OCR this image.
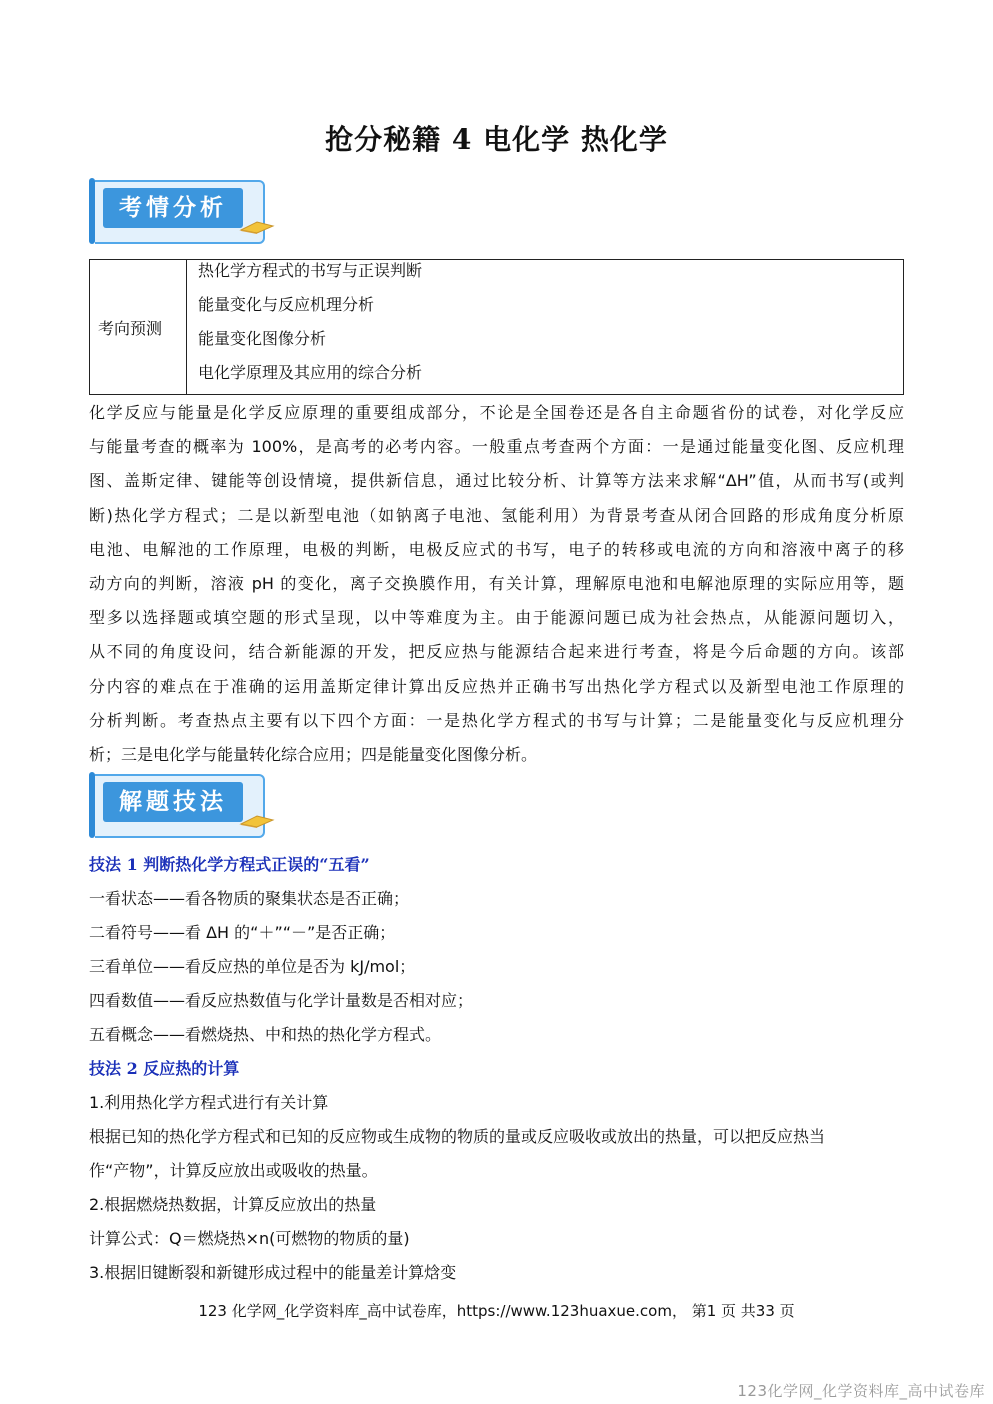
抢分秘籍 4 电化学 热化学
考情分析
考向预测
热化学方程式的书写与正误判断
能量变化与反应机理分析
能量变化图像分析
电化学原理及其应用的综合分析
化学反应与能量是化学反应原理的重要组成部分，不论是全国卷还是各自主命题省份的试卷，对化学反应
与能量考查的概率为 100%，是高考的必考内容。一般重点考查两个方面：一是通过能量变化图、反应机理
图、盖斯定律、键能等创设情境，提供新信息，通过比较分析、计算等方法来求解“ΔH”值，从而书写(或判
断)热化学方程式；二是以新型电池（如钠离子电池、氢能利用）为背景考查从闭合回路的形成角度分析原
电池、电解池的工作原理，电极的判断，电极反应式的书写，电子的转移或电流的方向和溶液中离子的移
动方向的判断，溶液 pH 的变化，离子交换膜作用，有关计算，理解原电池和电解池原理的实际应用等，题
型多以选择题或填空题的形式呈现，以中等难度为主。由于能源问题已成为社会热点，从能源问题切入，
从不同的角度设问，结合新能源的开发，把反应热与能源结合起来进行考查，将是今后命题的方向。该部
分内容的难点在于准确的运用盖斯定律计算出反应热并正确书写出热化学方程式以及新型电池工作原理的
分析判断。考查热点主要有以下四个方面：一是热化学方程式的书写与计算；二是能量变化与反应机理分
析；三是电化学与能量转化综合应用；四是能量变化图像分析。
解题技法
技法 1 判断热化学方程式正误的“五看”
一看状态——看各物质的聚集状态是否正确；
二看符号——看 ΔH 的“＋”“－”是否正确；
三看单位——看反应热的单位是否为 kJ/mol；
四看数值——看反应热数值与化学计量数是否相对应；
五看概念——看燃烧热、中和热的热化学方程式。
技法 2 反应热的计算
1.利用热化学方程式进行有关计算
根据已知的热化学方程式和已知的反应物或生成物的物质的量或反应吸收或放出的热量，可以把反应热当
作“产物”，计算反应放出或吸收的热量。
2.根据燃烧热数据，计算反应放出的热量
计算公式：Q＝燃烧热×n(可燃物的物质的量)
3.根据旧键断裂和新键形成过程中的能量差计算焓变
123 化学网_化学资料库_高中试卷库，https://www.123huaxue.com， 第1 页 共33 页
123化学网_化学资料库_高中试卷库
